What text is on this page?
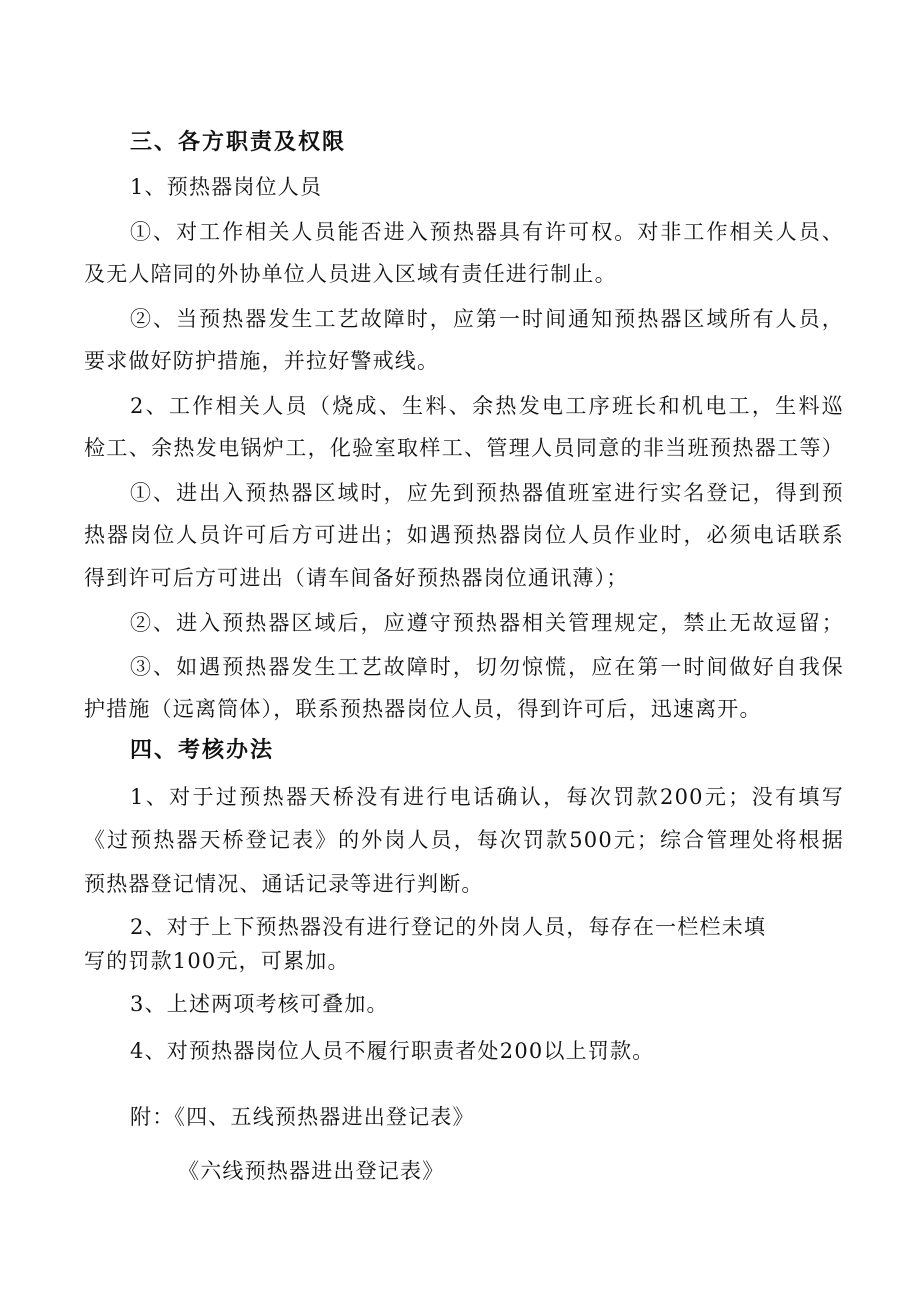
三、各方职责及权限
1、预热器岗位人员
①、对工作相关人员能否进入预热器具有许可权。对非工作相关人员、
及无人陪同的外协单位人员进入区域有责任进行制止。
②、当预热器发生工艺故障时，应第一时间通知预热器区域所有人员，
要求做好防护措施，并拉好警戒线。
2、工作相关人员（烧成、生料、余热发电工序班长和机电工，生料巡
检工、余热发电锅炉工，化验室取样工、管理人员同意的非当班预热器工等）
①、进出入预热器区域时，应先到预热器值班室进行实名登记，得到预
热器岗位人员许可后方可进出；如遇预热器岗位人员作业时，必须电话联系
得到许可后方可进出（请车间备好预热器岗位通讯薄）；
②、进入预热器区域后，应遵守预热器相关管理规定，禁止无故逗留；
③、如遇预热器发生工艺故障时，切勿惊慌，应在第一时间做好自我保
护措施（远离筒体），联系预热器岗位人员，得到许可后，迅速离开。
四、考核办法
1、对于过预热器天桥没有进行电话确认，每次罚款200元；没有填写
《过预热器天桥登记表》的外岗人员，每次罚款500元；综合管理处将根据
预热器登记情况、通话记录等进行判断。
2、对于上下预热器没有进行登记的外岗人员，每存在一栏栏未填
写的罚款100元，可累加。
3、上述两项考核可叠加。
4、对预热器岗位人员不履行职责者处200以上罚款。
附：《四、五线预热器进出登记表》
《六线预热器进出登记表》
